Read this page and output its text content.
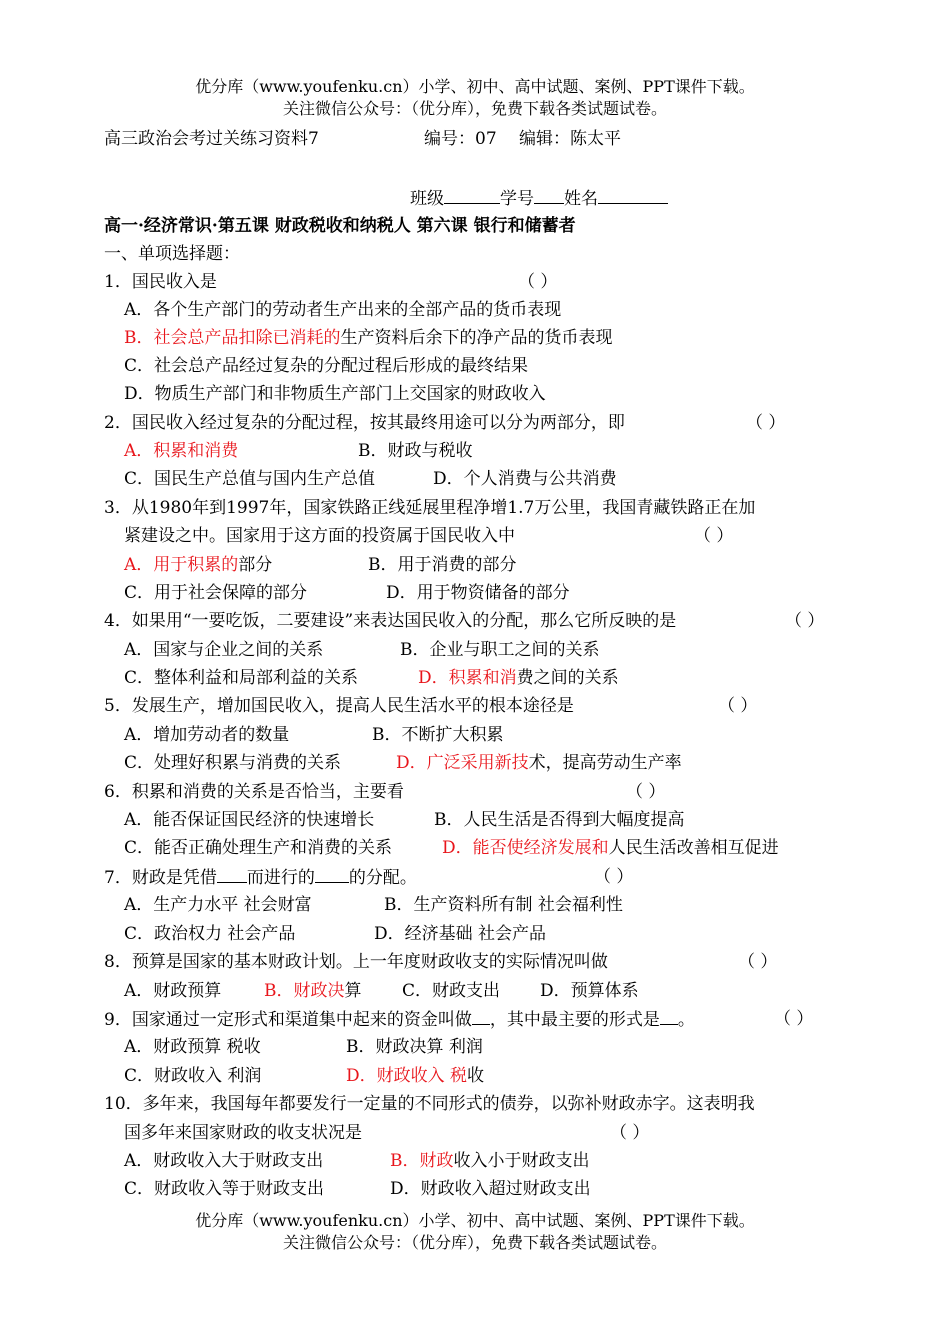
优分库（www.youfenku.cn）小学、初中、高中试题、案例、PPT课件下载。
关注微信公众号：（优分库），免费下载各类试题试卷。
高三政治会考过关练习资料7	编号：07 编辑：陈太平
班级	学号 姓名
高一·经济常识·第五课 财政税收和纳税人 第六课 银行和储蓄者
一、单项选择题：
1．国民收入是	（ ）
A．各个生产部门的劳动者生产出来的全部产品的货币表现
B．社会总产品扣除已消耗的生产资料后余下的净产品的货币表现
C．社会总产品经过复杂的分配过程后形成的最终结果
D．物质生产部门和非物质生产部门上交国家的财政收入
2．国民收入经过复杂的分配过程，按其最终用途可以分为两部分，即	（ ）
A．积累和消费	B．财政与税收
C．国民生产总值与国内生产总值	D．个人消费与公共消费
3．从1980年到1997年，国家铁路正线延展里程净增1.7万公里，我国青藏铁路正在加
紧建设之中。国家用于这方面的投资属于国民收入中	（ ）
A．用于积累的部分	B．用于消费的部分
C．用于社会保障的部分	D．用于物资储备的部分
4．如果用“一要吃饭，二要建设”来表达国民收入的分配，那么它所反映的是	（ ）
A．国家与企业之间的关系	B．企业与职工之间的关系
C．整体利益和局部利益的关系	D．积累和消费之间的关系
5．发展生产，增加国民收入，提高人民生活水平的根本途径是	（ ）
A．增加劳动者的数量	B．不断扩大积累
C．处理好积累与消费的关系	D．广泛采用新技术，提高劳动生产率
6．积累和消费的关系是否恰当，主要看	（ ）
A．能否保证国民经济的快速增长	B．人民生活是否得到大幅度提高
C．能否正确处理生产和消费的关系	D．能否使经济发展和人民生活改善相互促进
7．财政是凭借 而进行的 的分配。	（ ）
A．生产力水平 社会财富	B．生产资料所有制 社会福利性
C．政治权力 社会产品	D．经济基础 社会产品
8．预算是国家的基本财政计划。上一年度财政收支的实际情况叫做	（ ）
A．财政预算	B．财政决算 C．财政支出 D．预算体系
9．国家通过一定形式和渠道集中起来的资金叫做 ，其中最主要的形式是 。	（ ）
A．财政预算 税收	B．财政决算 利润
C．财政收入 利润	D．财政收入 税收
10．多年来，我国每年都要发行一定量的不同形式的债券，以弥补财政赤字。这表明我
国多年来国家财政的收支状况是	（ ）
A．财政收入大于财政支出	B．财政收入小于财政支出
C．财政收入等于财政支出	D．财政收入超过财政支出
优分库（www.youfenku.cn）小学、初中、高中试题、案例、PPT课件下载。
关注微信公众号：（优分库），免费下载各类试题试卷。
